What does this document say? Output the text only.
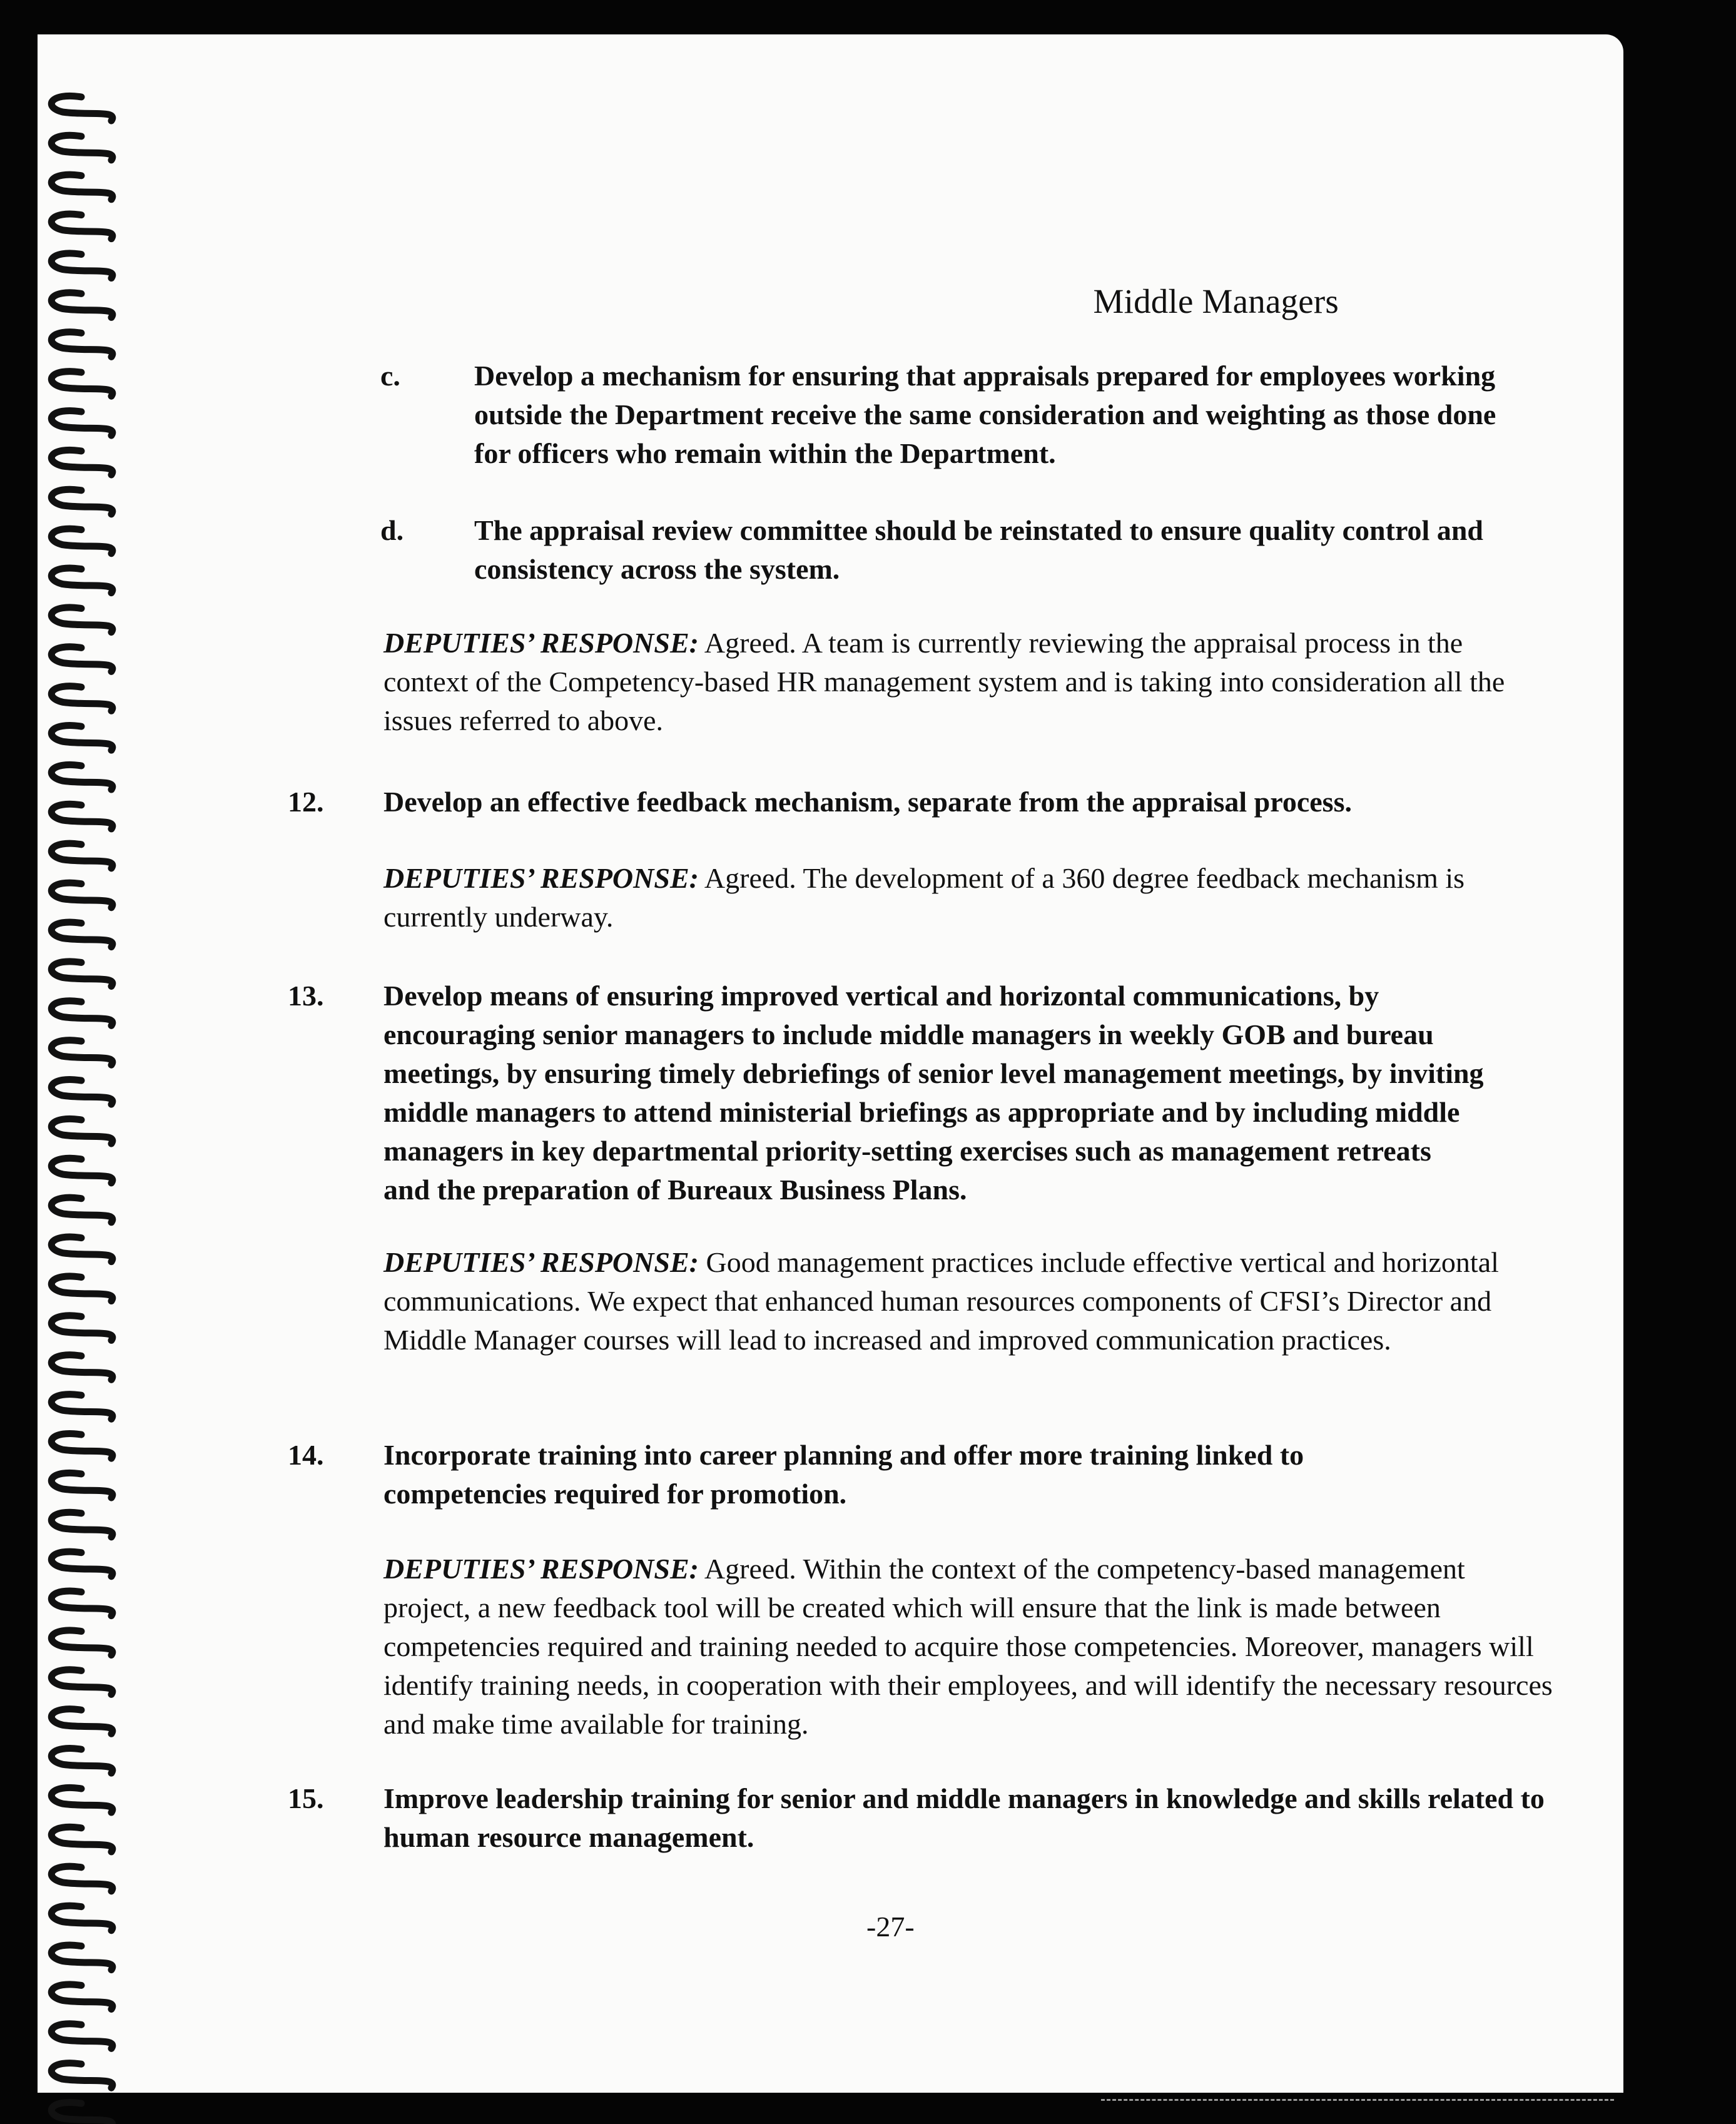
Middle Managers
c.	Develop a mechanism for ensuring that appraisals prepared for employees working outside the Department receive the same consideration and weighting as those done for officers who remain within the Department.
d. The appraisal review committee should be reinstated to ensure quality control and consistency across the system.
DEPUTIES’ RESPONSE: Agreed. A team is currently reviewing the appraisal process in the context of the Competency-based HR management system and is taking into consideration all the issues referred to above.
12. Develop an effective feedback mechanism, separate from the appraisal process.
DEPUTIES’ RESPONSE: Agreed. The development of a 360 degree feedback mechanism is currently underway.
13. Develop means of ensuring improved vertical and horizontal communications, by encouraging senior managers to include middle managers in weekly GOB and bureau meetings, by ensuring timely debriefings of senior level management meetings, by inviting middle managers to attend ministerial briefings as appropriate and by including middle managers in key departmental priority-setting exercises such as management retreats and the preparation of Bureaux Business Plans.
DEPUTIES’ RESPONSE: Good management practices include effective vertical and horizontal communications. We expect that enhanced human resources components of CFSI’s Director and Middle Manager courses will lead to increased and improved communication practices.
14. Incorporate training into career planning and offer more training linked to competencies required for promotion.
DEPUTIES’ RESPONSE: Agreed. Within the context of the competency-based management project, a new feedback tool will be created which will ensure that the link is made between competencies required and training needed to acquire those competencies. Moreover, managers will identify training needs, in cooperation with their employees, and will identify the necessary resources and make time available for training.
15. Improve leadership training for senior and middle managers in knowledge and skills related to human resource management.
-27-
